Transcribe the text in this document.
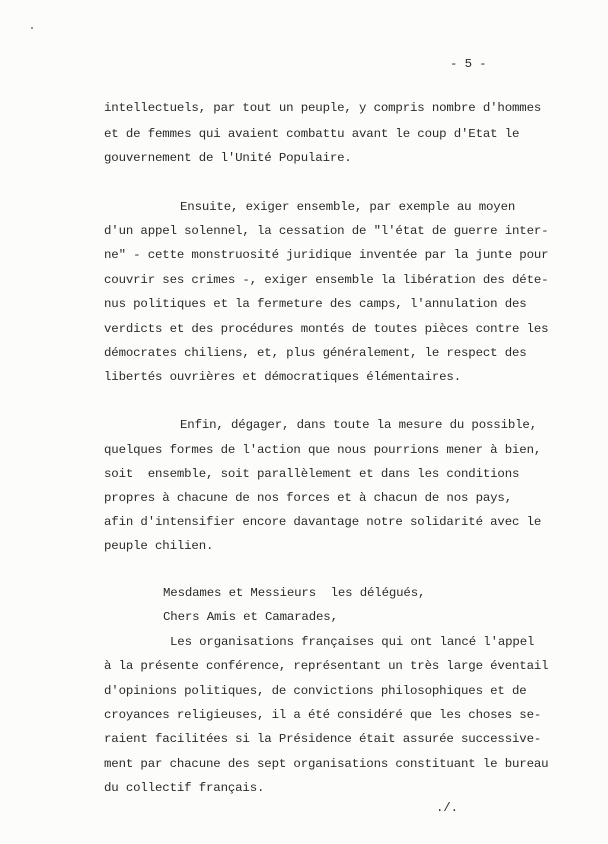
- 5 -
intellectuels, par tout un peuple, y compris nombre d'hommes
et de femmes qui avaient combattu avant le coup d'Etat le
gouvernement de l'Unité Populaire.
Ensuite, exiger ensemble, par exemple au moyen
d'un appel solennel, la cessation de "l'état de guerre inter-
ne" - cette monstruosité juridique inventée par la junte pour
couvrir ses crimes -, exiger ensemble la libération des déte-
nus politiques et la fermeture des camps, l'annulation des
verdicts et des procédures montés de toutes pièces contre les
démocrates chiliens, et, plus généralement, le respect des
libertés ouvrières et démocratiques élémentaires.
Enfin, dégager, dans toute la mesure du possible,
quelques formes de l'action que nous pourrions mener à bien,
soit  ensemble, soit parallèlement et dans les conditions
propres à chacune de nos forces et à chacun de nos pays,
afin d'intensifier encore davantage notre solidarité avec le
peuple chilien.
Mesdames et Messieurs  les délégués,
Chers Amis et Camarades,
Les organisations françaises qui ont lancé l'appel
à la présente conférence, représentant un très large éventail
d'opinions politiques, de convictions philosophiques et de
croyances religieuses, il a été considéré que les choses se-
raient facilitées si la Présidence était assurée successive-
ment par chacune des sept organisations constituant le bureau
du collectif français.
./.
